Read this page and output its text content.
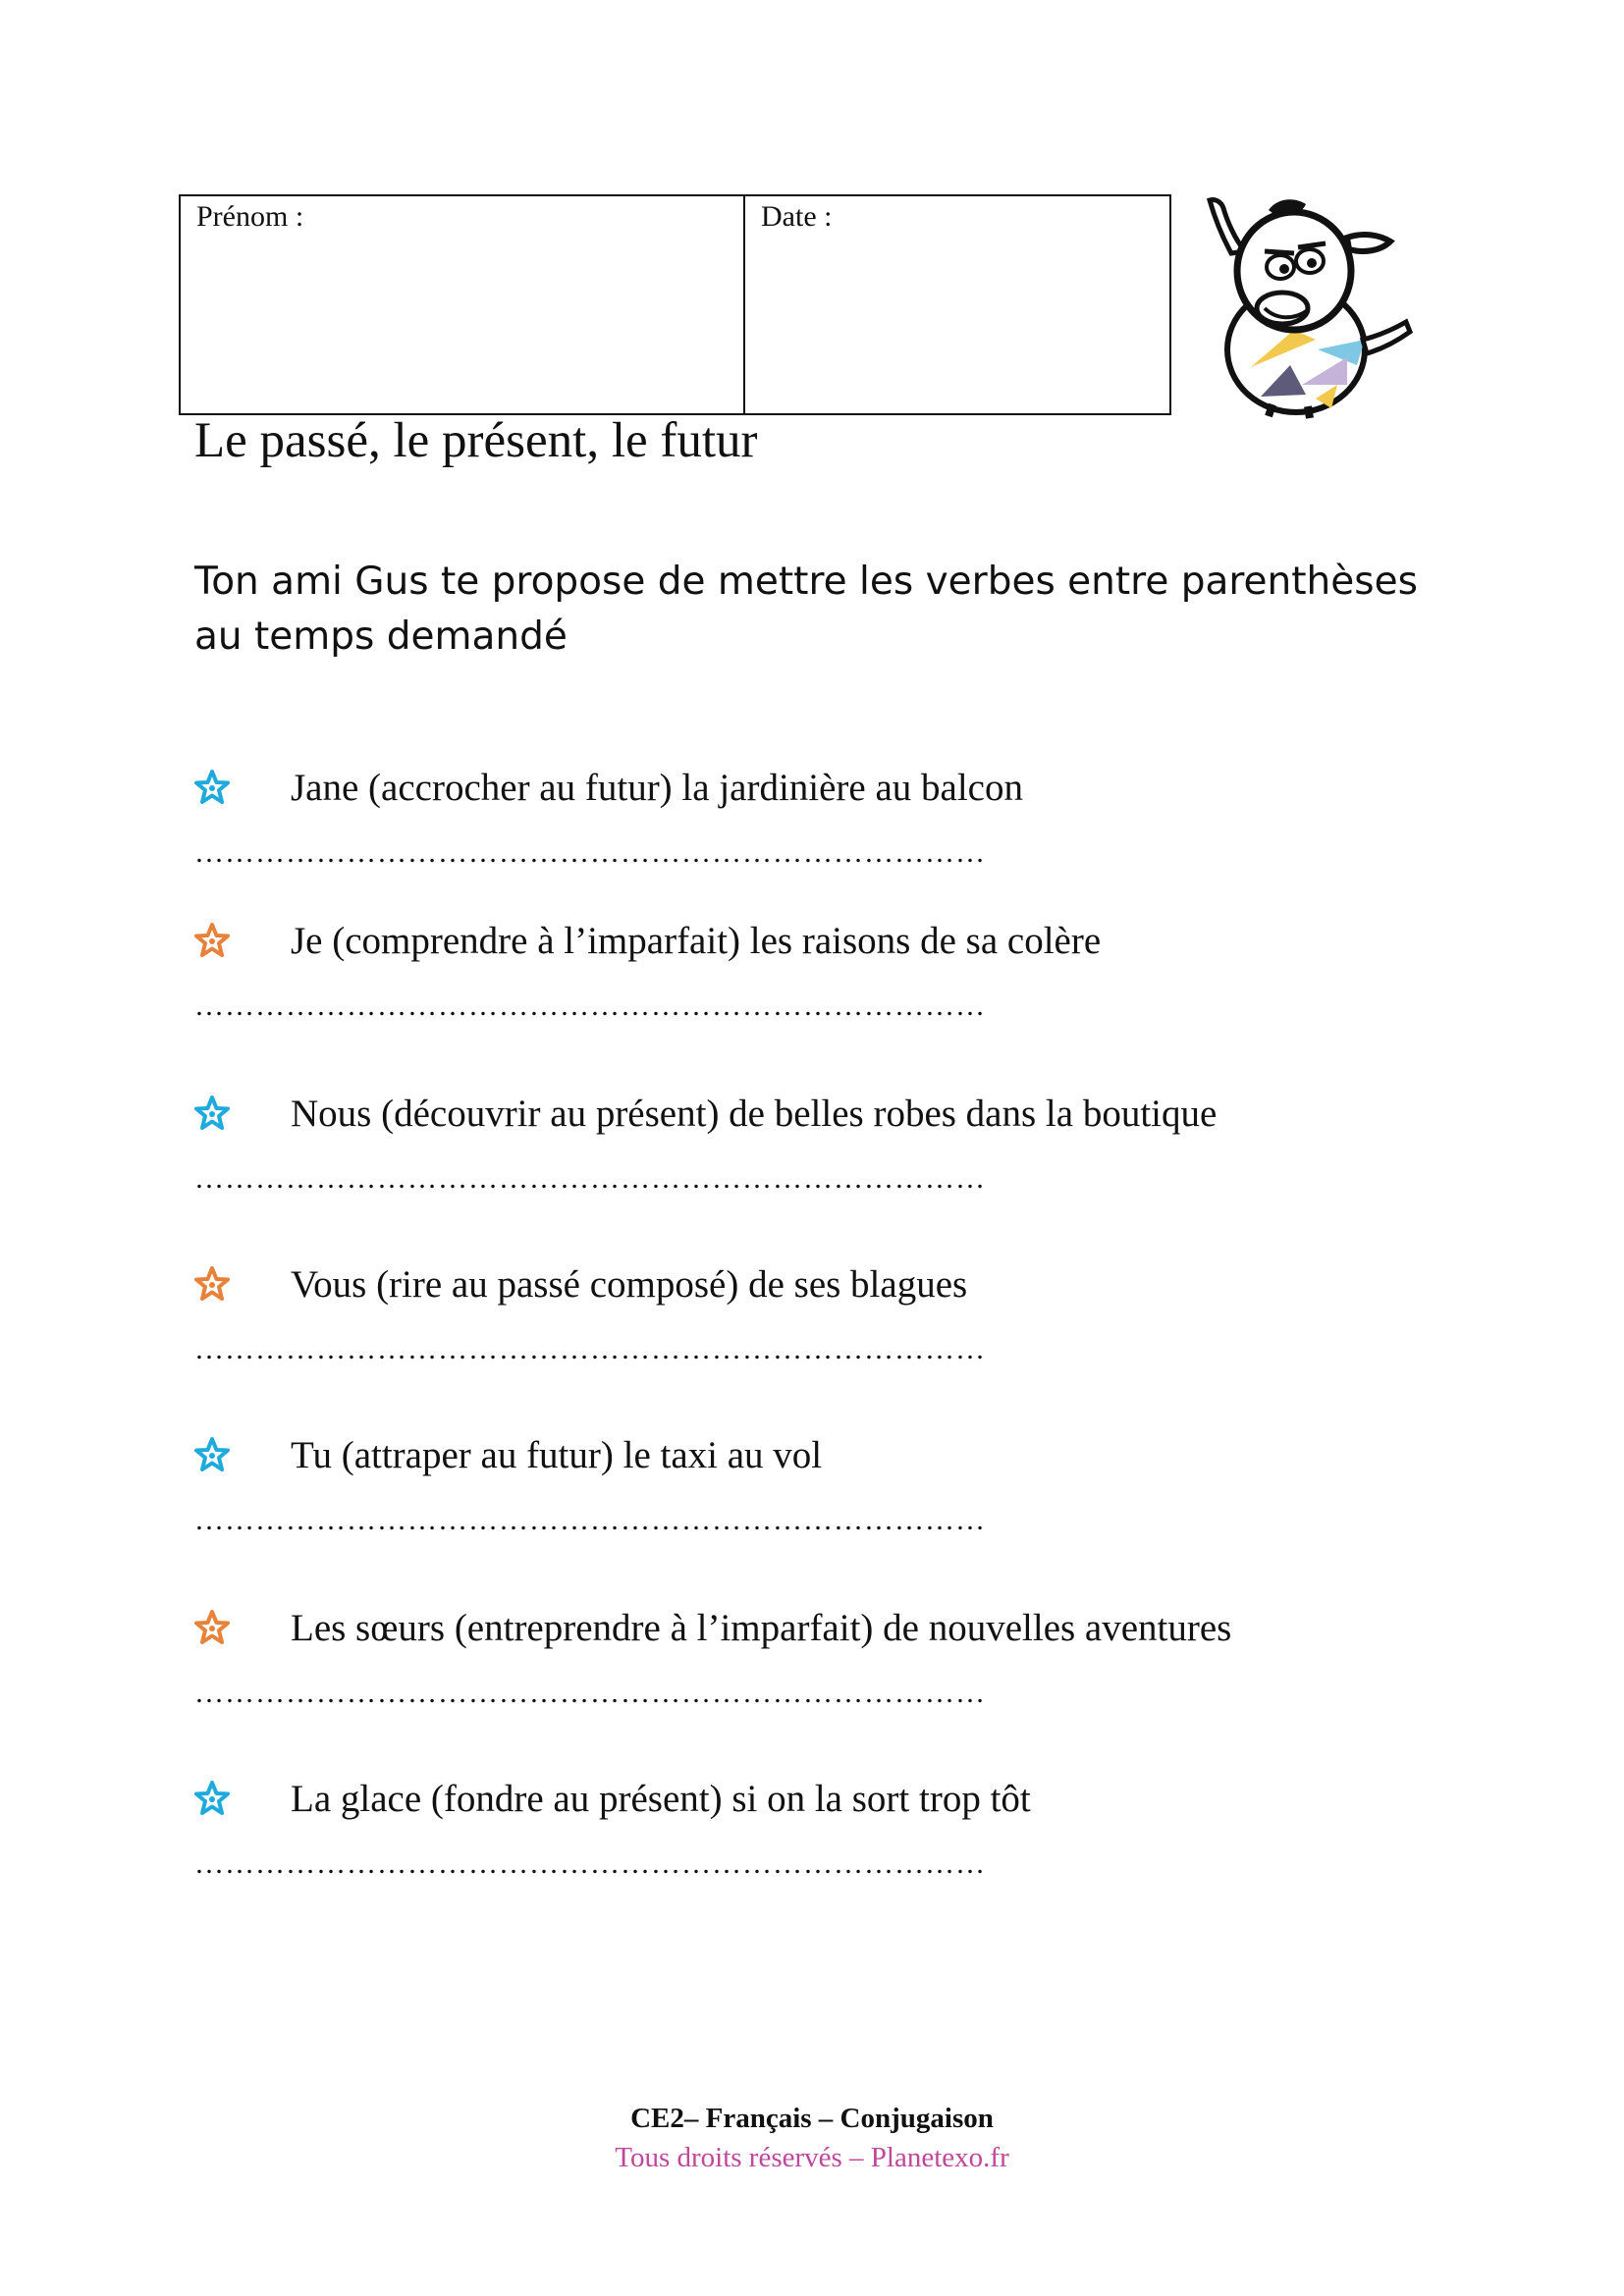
Prénom :	Date :
Le passé, le présent, le futur
Ton ami Gus te propose de mettre les verbes entre parenthèses au temps demandé
Jane (accrocher au futur) la jardinière au balcon
……………………………………………………………………
Je (comprendre à l’imparfait) les raisons de sa colère
……………………………………………………………………
Nous (découvrir au présent) de belles robes dans la boutique
……………………………………………………………………
Vous (rire au passé composé) de ses blagues
……………………………………………………………………
Tu (attraper au futur) le taxi au vol
……………………………………………………………………
Les sœurs (entreprendre à l’imparfait) de nouvelles aventures
……………………………………………………………………
La glace (fondre au présent) si on la sort trop tôt
……………………………………………………………………
CE2– Français – Conjugaison
Tous droits réservés – Planetexo.fr
